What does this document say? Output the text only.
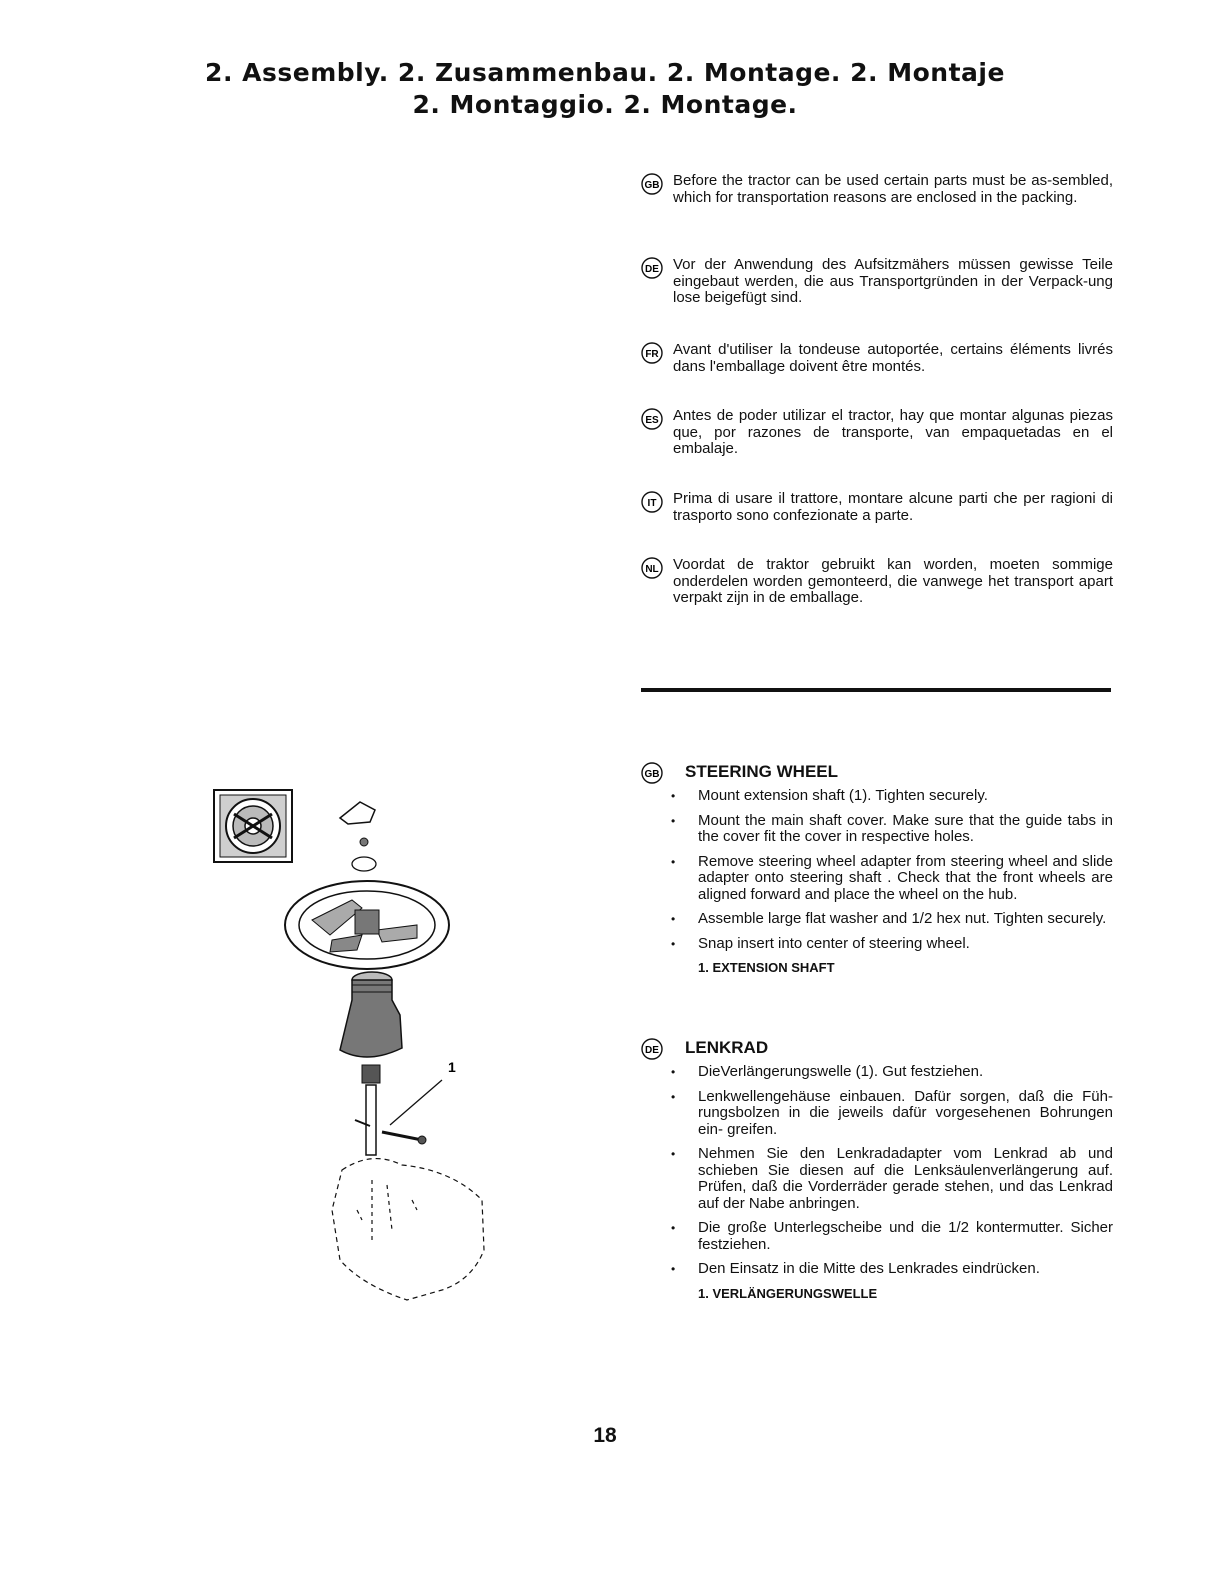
2. Assembly. 2. Zusammenbau. 2. Montage. 2. Montaje
2. Montaggio. 2. Montage.
GB Before the tractor can be used certain parts must be as-sembled, which for transportation reasons are enclosed in the packing.
DE Vor der Anwendung des Aufsitzmähers müssen gewisse Teile eingebaut werden, die aus Transportgründen in der Verpack-ung lose beigefügt sind.
FR Avant d'utiliser la tondeuse autoportée, certains éléments livrés dans l'emballage doivent être montés.
ES Antes de poder utilizar el tractor, hay que montar algunas piezas que, por razones de transporte, van empaquetadas en el embalaje.
IT Prima di usare il trattore, montare alcune parti che per ragioni di trasporto sono confezionate a parte.
NL Voordat de traktor gebruikt kan worden, moeten sommige onderdelen worden gemonteerd, die vanwege het transport apart verpakt zijn in de emballage.
GB STEERING WHEEL
• Mount extension shaft (1). Tighten securely.
• Mount the main shaft cover. Make sure that the guide tabs in the cover fit the cover in respective holes.
• Remove steering wheel adapter from steering wheel and slide adapter onto steering shaft . Check that the front wheels are aligned forward and place the wheel on the hub.
• Assemble large flat washer and 1/2 hex nut. Tighten securely.
• Snap insert into center of steering wheel.
1. EXTENSION SHAFT
DE LENKRAD
• DieVerlängerungswelle (1). Gut festziehen.
• Lenkwellengehäuse einbauen. Dafür sorgen, daß die Füh-rungsbolzen in die jeweils dafür vorgesehenen Bohrungen ein- greifen.
• Nehmen Sie den Lenkradadapter vom Lenkrad ab und schieben Sie diesen auf die Lenksäulenverlängerung auf. Prüfen, daß die Vorderräder gerade stehen, und das Lenkrad auf der Nabe anbringen.
• Die große Unterlegscheibe und die 1/2 kontermutter. Sicher festziehen.
• Den Einsatz in die Mitte des Lenkrades eindrücken.
1. VERLÄNGERUNGSWELLE
1
18
